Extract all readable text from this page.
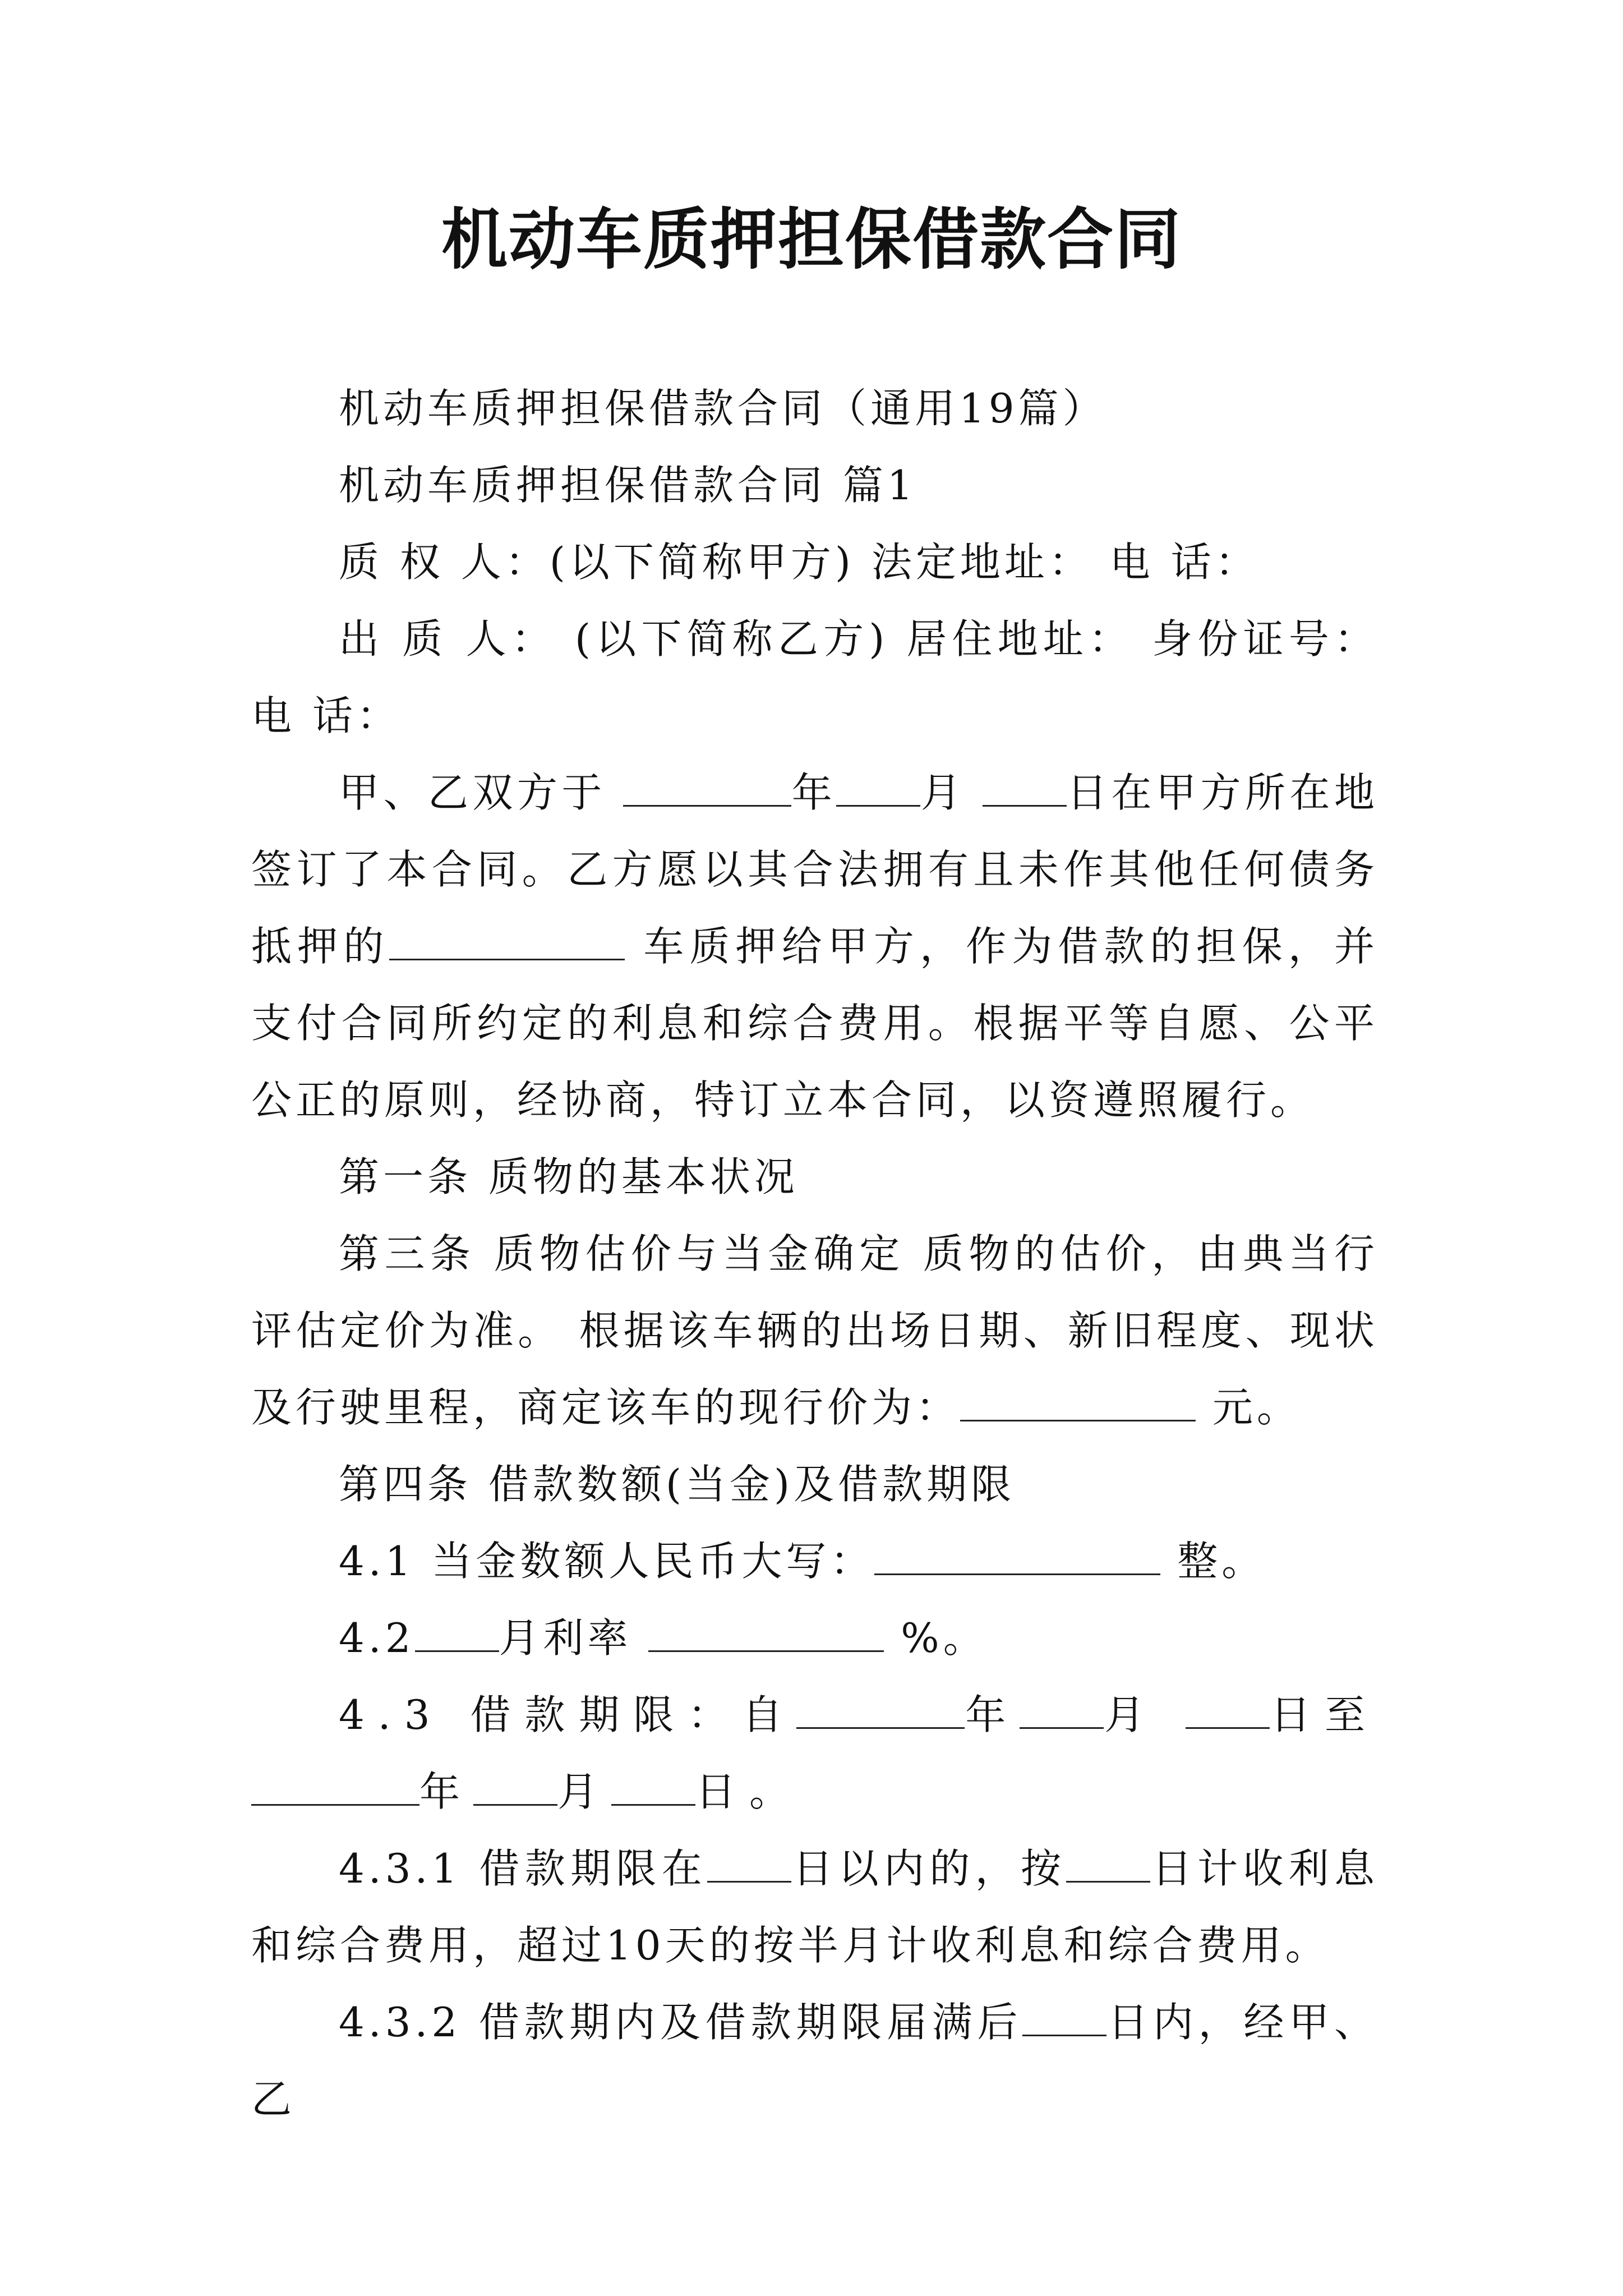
机动车质押担保借款合同

机动车质押担保借款合同（通用19篇）

机动车质押担保借款合同 篇1

质 权 人：(以下简称甲方) 法定地址： 电 话：

出 质 人： (以下简称乙方) 居住地址： 身份证号：电 话：

甲、乙双方于	年 月 日在甲方所在地签订了本合同。乙方愿以其合法拥有且未作其他任何债务抵押的	车质押给甲方，作为借款的担保，并支付合同所约定的利息和综合费用。根据平等自愿、公平公正的原则，经协商，特订立本合同，以资遵照履行。

第一条 质物的基本状况

第三条 质物估价与当金确定 质物的估价，由典当行评估定价为准。 根据该车辆的出场日期、新旧程度、现状及行驶里程，商定该车的现行价为：	元。

第四条 借款数额(当金)及借款期限

4.1 当金数额人民币大写：	整。

4.2 月利率	%。

4.3 借款期限：自	年 月 日至年 月 日。

4.3.1 借款期限在 日以内的，按 日计收利息和综合费用，超过10天的按半月计收利息和综合费用。

4.3.2 借款期内及借款期限届满后 日内，经甲、乙
